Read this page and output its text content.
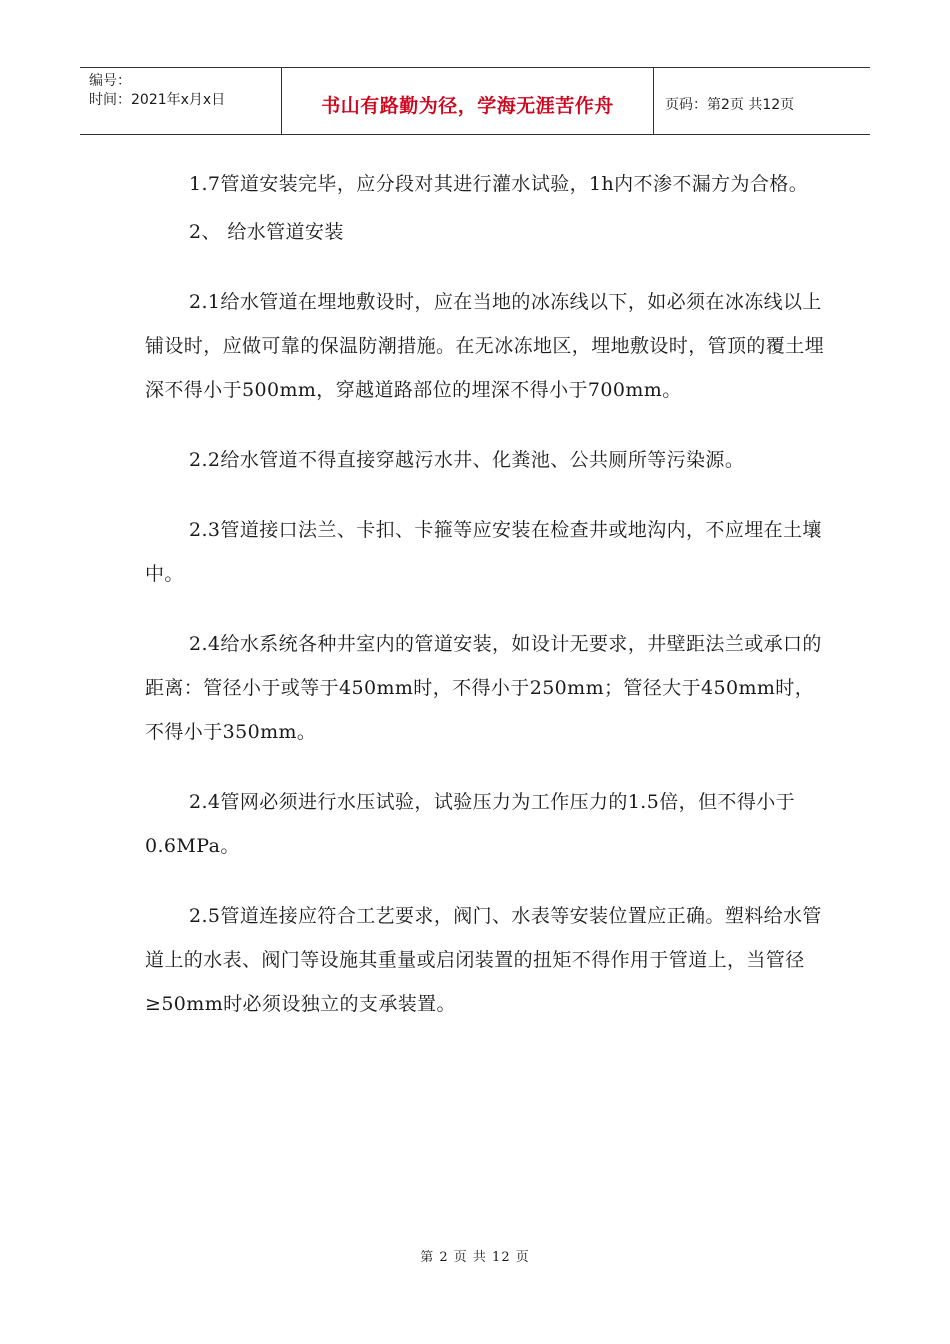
编号：
时间：2021年x月x日	书山有路勤为径，学海无涯苦作舟	页码：第2页 共12页

1.7管道安装完毕，应分段对其进行灌水试验，1h内不渗不漏方为合格。

2、 给水管道安装

2.1给水管道在埋地敷设时，应在当地的冰冻线以下，如必须在冰冻线以上铺设时，应做可靠的保温防潮措施。在无冰冻地区，埋地敷设时，管顶的覆土埋深不得小于500mm，穿越道路部位的埋深不得小于700mm。

2.2给水管道不得直接穿越污水井、化粪池、公共厕所等污染源。

2.3管道接口法兰、卡扣、卡箍等应安装在检查井或地沟内，不应埋在土壤中。

2.4给水系统各种井室内的管道安装，如设计无要求，井壁距法兰或承口的距离：管径小于或等于450mm时，不得小于250mm；管径大于450mm时，不得小于350mm。

2.4管网必须进行水压试验，试验压力为工作压力的1.5倍，但不得小于0.6MPa。

2.5管道连接应符合工艺要求，阀门、水表等安装位置应正确。塑料给水管道上的水表、阀门等设施其重量或启闭装置的扭矩不得作用于管道上，当管径≥50mm时必须设独立的支承装置。

第 2 页 共 12 页
